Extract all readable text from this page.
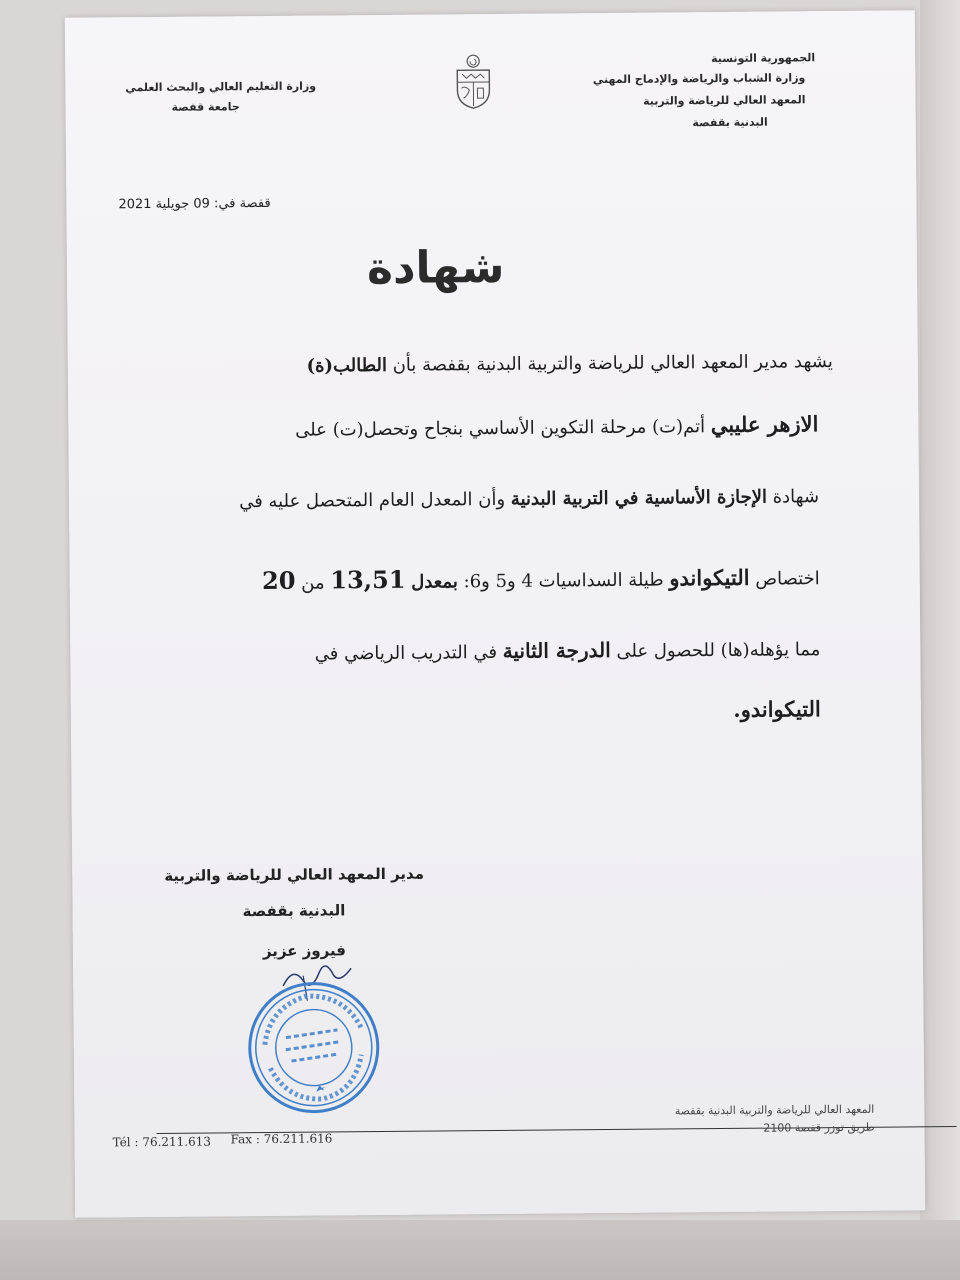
الجمهورية التونسية
وزارة الشباب والرياضة والإدماج المهني
المعهد العالي للرياضة والتربية
البدنية بقفصة
وزارة التعليم العالي والبحث العلمي
جامعة قفصة
قفصة في: 09 جويلية 2021
شهادة
يشهد مدير المعهد العالي للرياضة والتربية البدنية بقفصة بأن الطالب(ة)
الازهر عليبي أتم(ت) مرحلة التكوين الأساسي بنجاح وتحصل(ت) على
شهادة الإجازة الأساسية في التربية البدنية وأن المعدل العام المتحصل عليه في
اختصاص التيكواندو طيلة السداسيات 4 و5 و6: بمعدل 13,51 من 20
مما يؤهله(ها) للحصول على الدرجة الثانية في التدريب الرياضي في
التيكواندو.
مدير المعهد العالي للرياضة والتربية
البدنية بقفصة
فيروز عزيز
Tél : 76.211.613 Fax : 76.211.616
المعهد العالي للرياضة والتربية البدنية بقفصة
طريق توزر قفصة 2100
